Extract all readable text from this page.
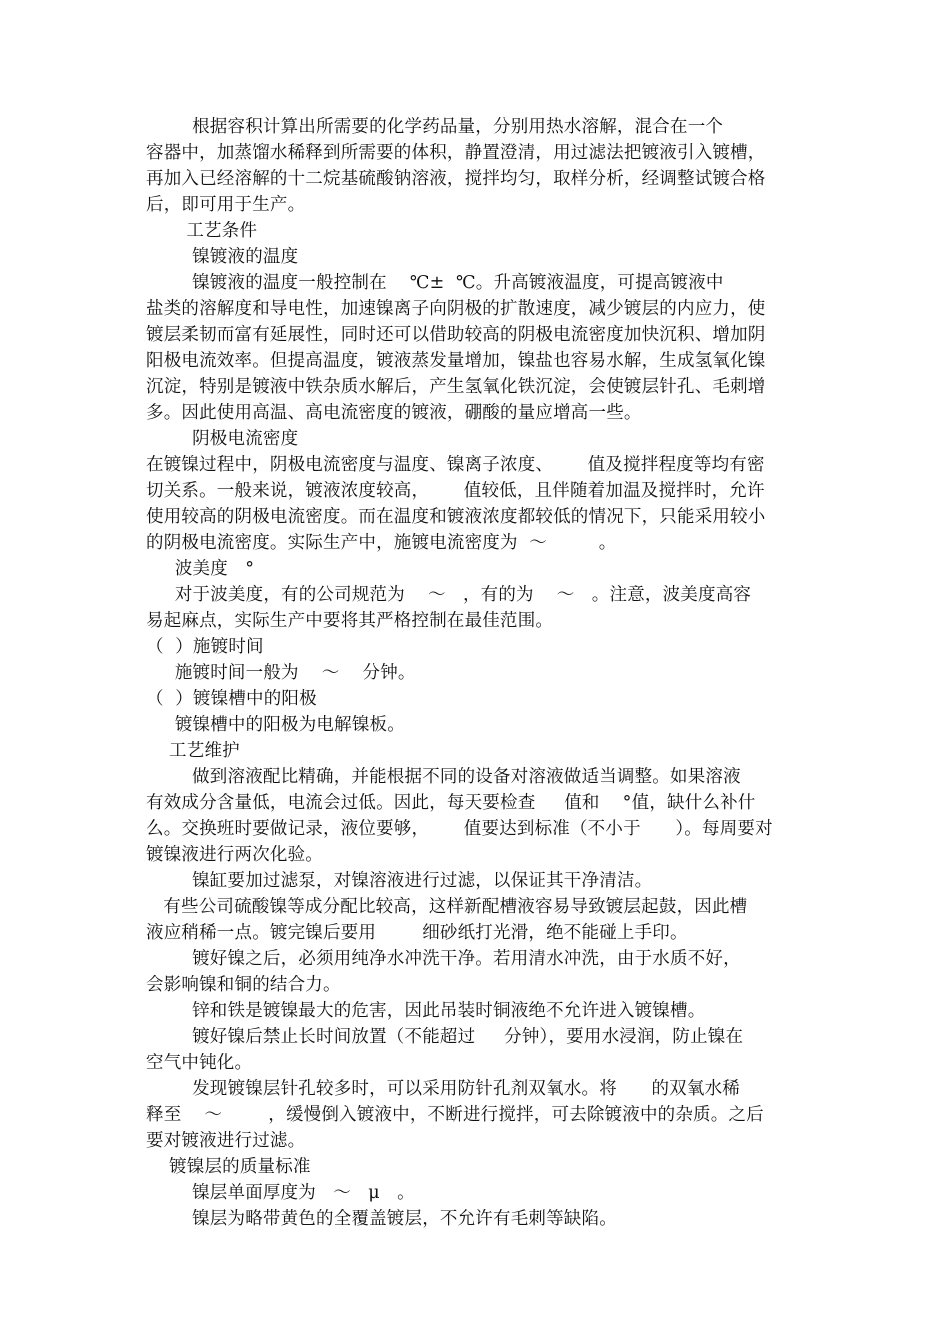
根据容积计算出所需要的化学药品量，分别用热水溶解，混合在一个
容器中，加蒸馏水稀释到所需要的体积，静置澄清，用过滤法把镀液引入镀槽，
再加入已经溶解的十二烷基硫酸钠溶液，搅拌均匀，取样分析，经调整试镀合格
后，即可用于生产。
工艺条件
镍镀液的温度
镍镀液的温度一般控制在    ℃±  ℃。升高镀液温度，可提高镀液中
盐类的溶解度和导电性，加速镍离子向阴极的扩散速度，减少镀层的内应力，使
镀层柔韧而富有延展性，同时还可以借助较高的阴极电流密度加快沉积、增加阴
阳极电流效率。但提高温度，镀液蒸发量增加，镍盐也容易水解，生成氢氧化镍
沉淀，特别是镀液中铁杂质水解后，产生氢氧化铁沉淀，会使镀层针孔、毛刺增
多。因此使用高温、高电流密度的镀液，硼酸的量应增高一些。
阴极电流密度
在镀镍过程中，阴极电流密度与温度、镍离子浓度、      值及搅拌程度等均有密
切关系。一般来说，镀液浓度较高，      值较低，且伴随着加温及搅拌时，允许
使用较高的阴极电流密度。而在温度和镀液浓度都较低的情况下，只能采用较小
的阴极电流密度。实际生产中，施镀电流密度为  ～         。
波美度   °
对于波美度，有的公司规范为    ～   ，有的为    ～   。注意，波美度高容
易起麻点，实际生产中要将其严格控制在最佳范围。
（  ）施镀时间
施镀时间一般为    ～    分钟。
（  ）镀镍槽中的阳极
镀镍槽中的阳极为电解镍板。
工艺维护
做到溶液配比精确，并能根据不同的设备对溶液做适当调整。如果溶液
有效成分含量低，电流会过低。因此，每天要检查     值和    °值，缺什么补什
么。交换班时要做记录，液位要够，      值要达到标准（不小于      ）。每周要对
镀镍液进行两次化验。
镍缸要加过滤泵，对镍溶液进行过滤，以保证其干净清洁。
有些公司硫酸镍等成分配比较高，这样新配槽液容易导致镀层起鼓，因此槽
液应稍稀一点。镀完镍后要用        细砂纸打光滑，绝不能碰上手印。
镀好镍之后，必须用纯净水冲洗干净。若用清水冲洗，由于水质不好，
会影响镍和铜的结合力。
锌和铁是镀镍最大的危害，因此吊装时铜液绝不允许进入镀镍槽。
镀好镍后禁止长时间放置（不能超过     分钟），要用水浸润，防止镍在
空气中钝化。
发现镀镍层针孔较多时，可以采用防针孔剂双氧水。将      的双氧水稀
释至    ～        ，缓慢倒入镀液中，不断进行搅拌，可去除镀液中的杂质。之后
要对镀液进行过滤。
镀镍层的质量标准
镍层单面厚度为   ～   μ   。
镍层为略带黄色的全覆盖镀层，不允许有毛刺等缺陷。
